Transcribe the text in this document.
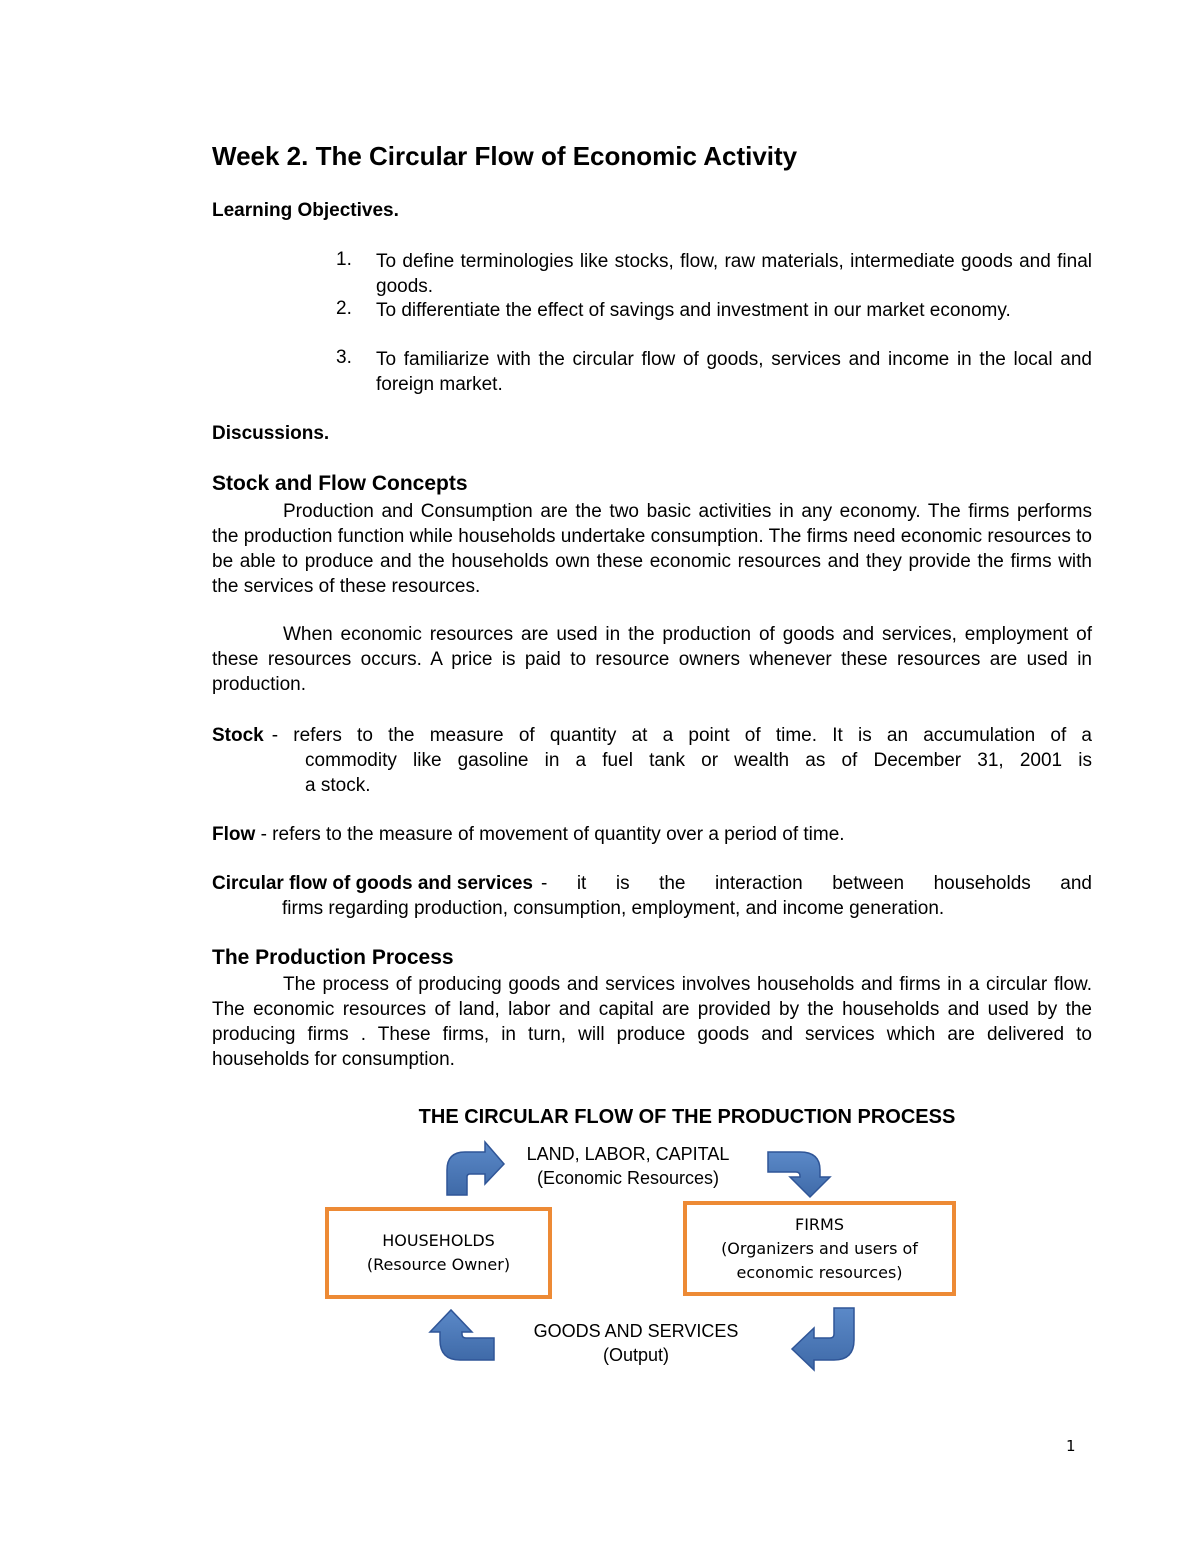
Week 2. The Circular Flow of Economic Activity
Learning Objectives.
1.	To define terminologies like stocks, flow, raw materials, intermediate goods and final goods.
2.	To differentiate the effect of savings and investment in our market economy.
3.	To familiarize with the circular flow of goods, services and income in the local and foreign market.
Discussions.
Stock and Flow Concepts
Production and Consumption are the two basic activities in any economy. The firms performs the production function while households undertake consumption. The firms need economic resources to be able to produce and the households own these economic resources and they provide the firms with the services of these resources.
When economic resources are used in the production of goods and services, employment of these resources occurs. A price is paid to resource owners whenever these resources are used in production.
Stock - refers to the measure of quantity at a point of time. It is an accumulation of a
commodity like gasoline in a fuel tank or wealth as of December 31, 2001 is
a stock.
Flow - refers to the measure of movement of quantity over a period of time.
Circular flow of goods and services - it is the interaction between households and
firms regarding production, consumption, employment, and income generation.
The Production Process
The process of producing goods and services involves households and firms in a circular flow. The economic resources of land, labor and capital are provided by the households and used by the producing firms . These firms, in turn, will produce goods and services which are delivered to households for consumption.
THE CIRCULAR FLOW OF THE PRODUCTION PROCESS
LAND, LABOR, CAPITAL
(Economic Resources)
HOUSEHOLDS
(Resource Owner)
FIRMS
(Organizers and users of
economic resources)
GOODS AND SERVICES
(Output)
1
